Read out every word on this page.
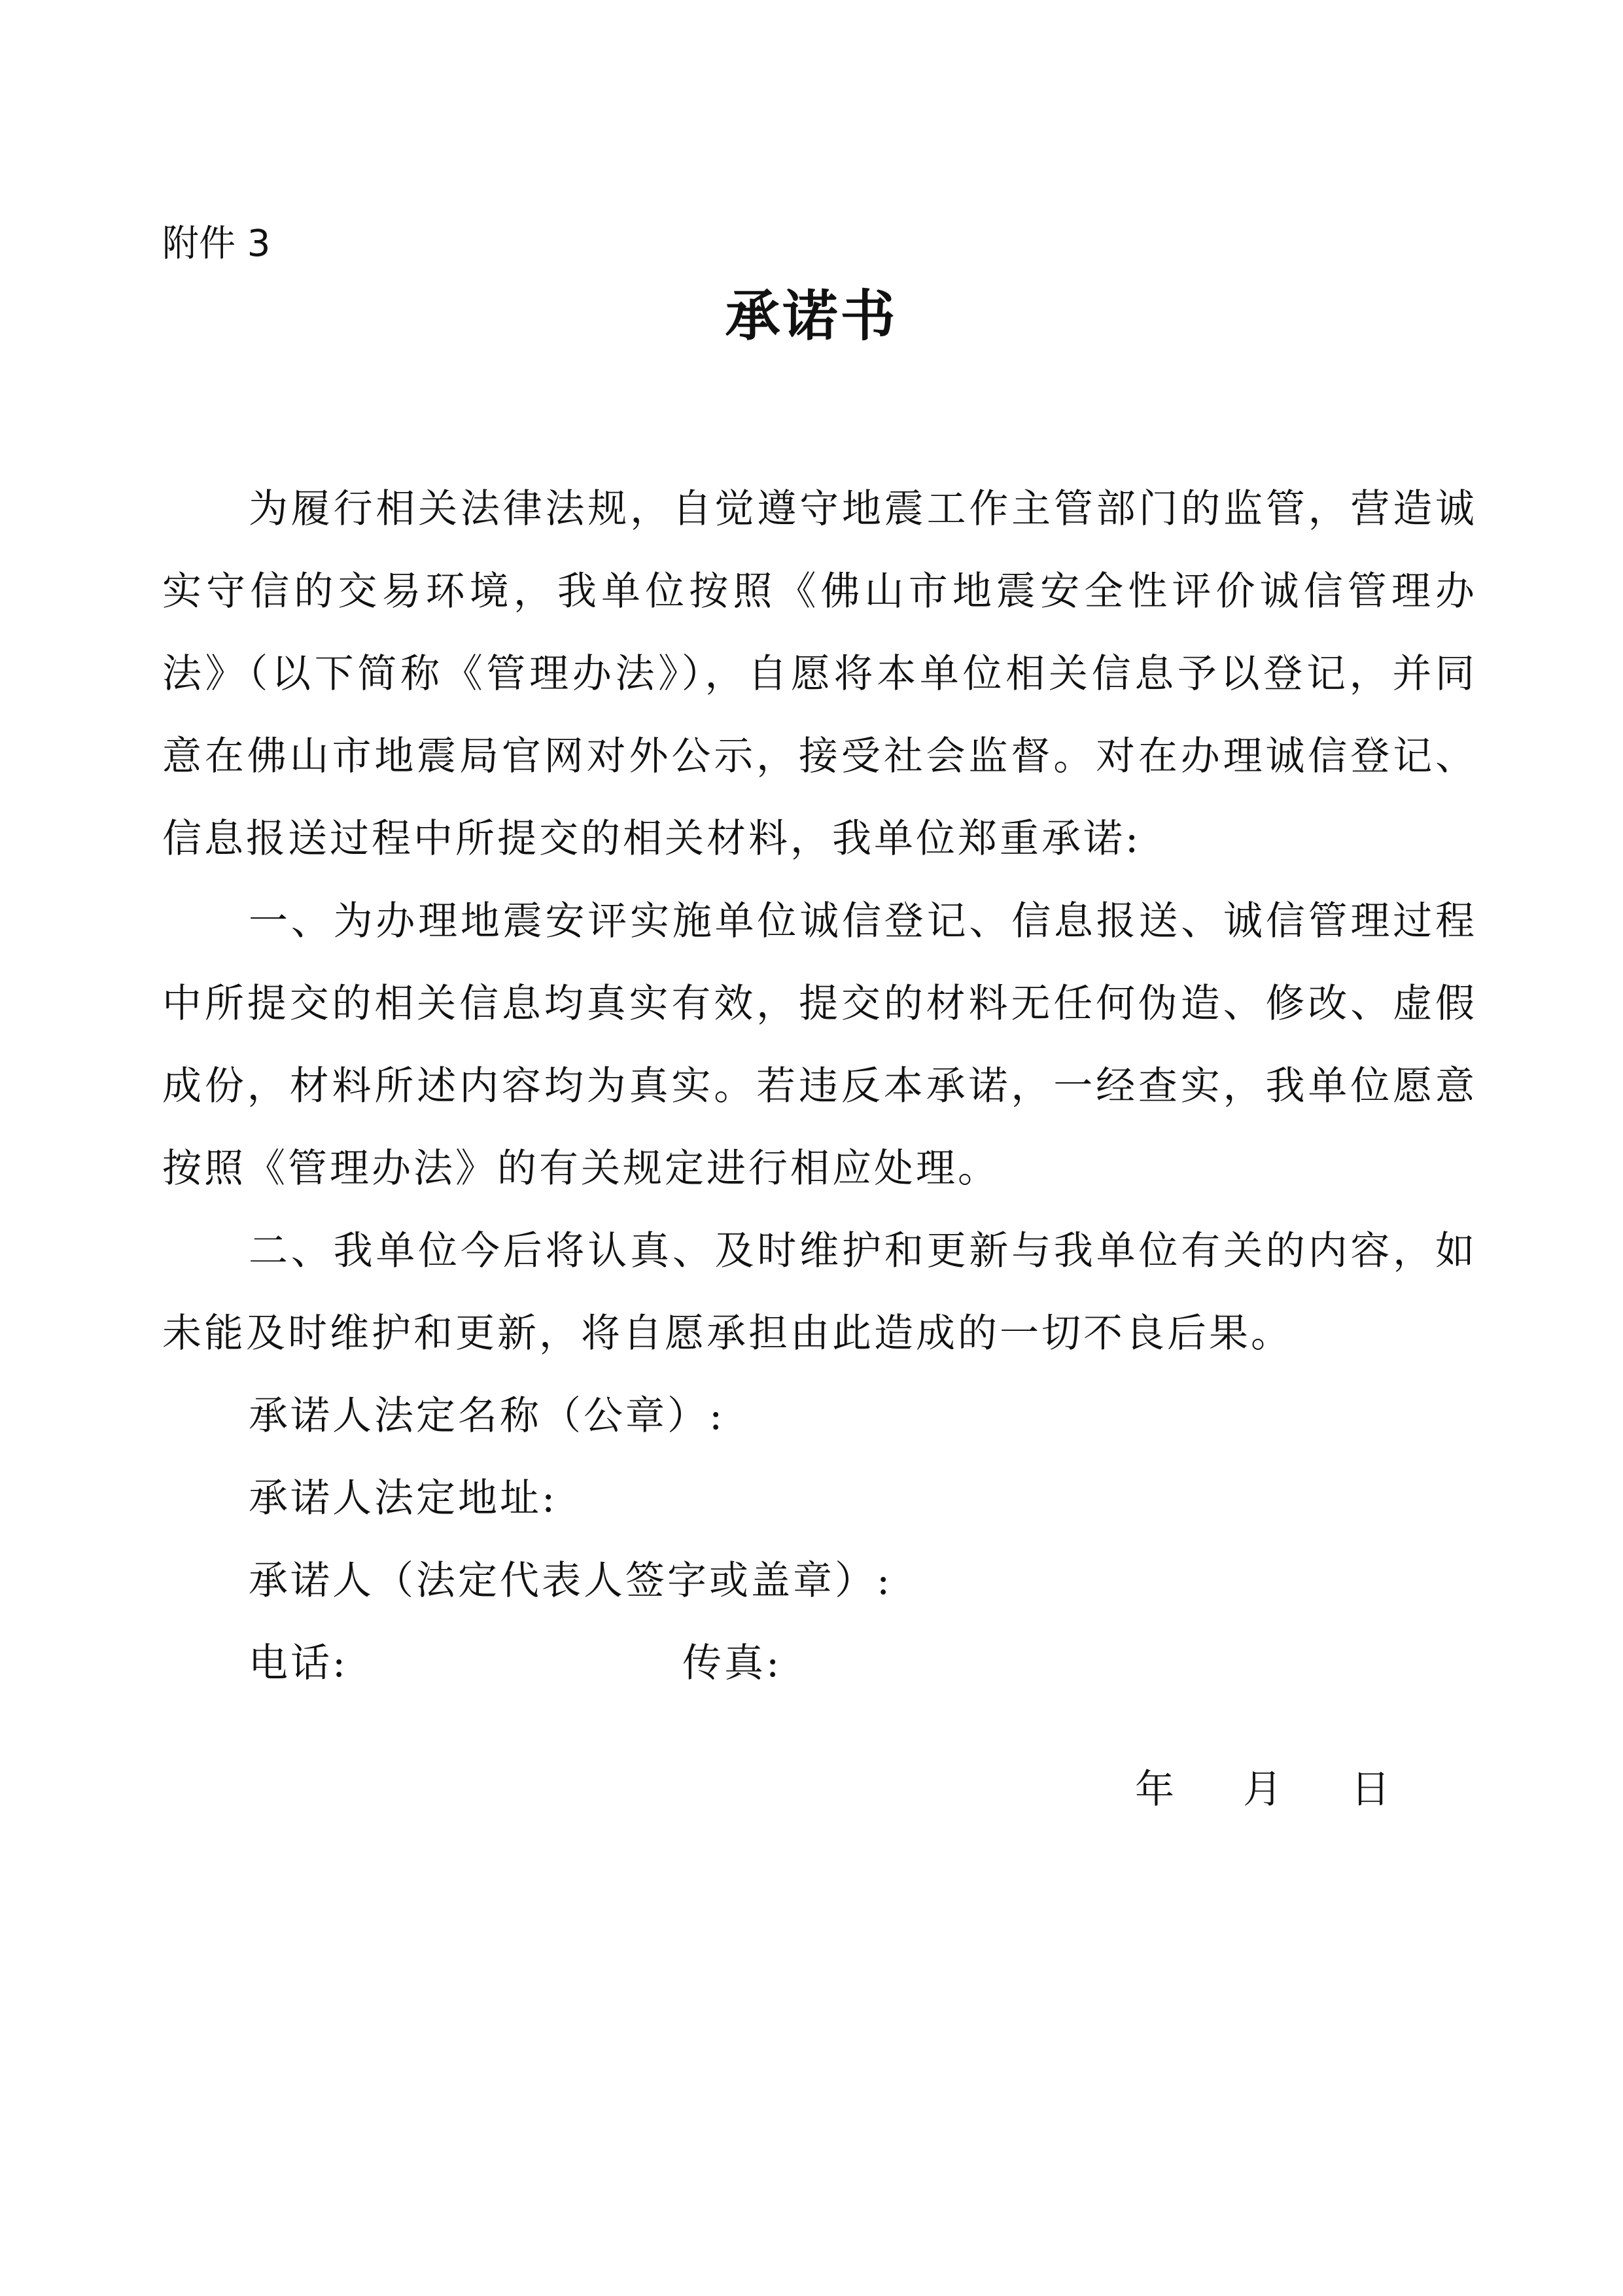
附件 3
承诺书

为履行相关法律法规，自觉遵守地震工作主管部门的监管，营造诚实守信的交易环境，我单位按照《佛山市地震安全性评价诚信管理办法》（以下简称《管理办法》），自愿将本单位相关信息予以登记，并同意在佛山市地震局官网对外公示，接受社会监督。对在办理诚信登记、信息报送过程中所提交的相关材料，我单位郑重承诺:

一、为办理地震安评实施单位诚信登记、信息报送、诚信管理过程中所提交的相关信息均真实有效，提交的材料无任何伪造、修改、虚假成份，材料所述内容均为真实。若违反本承诺，一经查实，我单位愿意按照《管理办法》的有关规定进行相应处理。

二、我单位今后将认真、及时维护和更新与我单位有关的内容，如未能及时维护和更新，将自愿承担由此造成的一切不良后果。

承诺人法定名称（公章）:

承诺人法定地址:

承诺人（法定代表人签字或盖章）:

电话:	传真:

年 月 日
